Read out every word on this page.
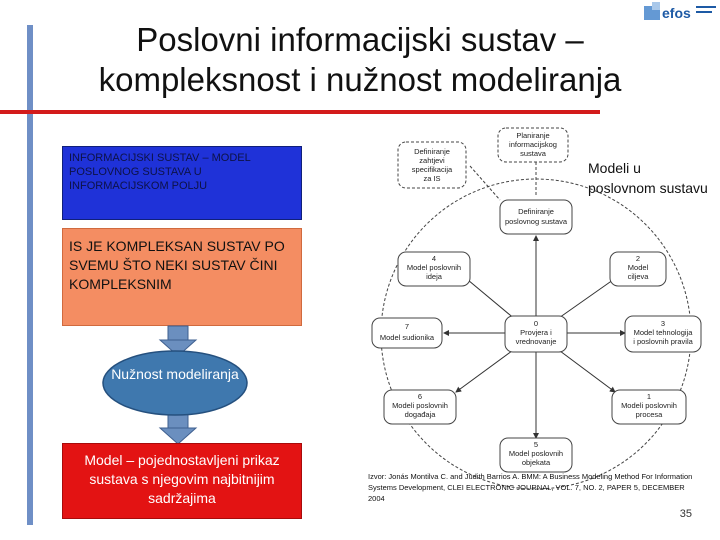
efos
Poslovni informacijski sustav –
kompleksnost i nužnost modeliranja
INFORMACIJSKI SUSTAV – MODEL POSLOVNOG SUSTAVA U INFORMACIJSKOM POLJU
IS JE KOMPLEKSAN SUSTAV PO SVEMU ŠTO NEKI SUSTAV ČINI KOMPLEKSNIM
Nužnost modeliranja
Model – pojednostavljeni prikaz sustava s njegovim najbitnijim sadržajima
Modeli u poslovnom sustavu
Planiranje
informacijskog
sustava
Definiranje
zahtjevi
specifikacija
za IS
Definiranje
poslovnog sustava
0
Provjera i
vrednovanje
4
Model poslovnih
ideja
2
Model
ciljeva
7
Model sudionika
3
Model tehnologija
i poslovnih pravila
6
Modeli poslovnih
događaja
1
Modeli poslovnih
procesa
5
Model poslovnih
objekata
Izvor: Jonás Montilva C. and Judith Barrios A. BMM: A Business Modeling Method For Information Systems Development, CLEI ELECTRONIC JOURNAL, VOL. 7, NO. 2, PAPER 5, DECEMBER 2004
35
